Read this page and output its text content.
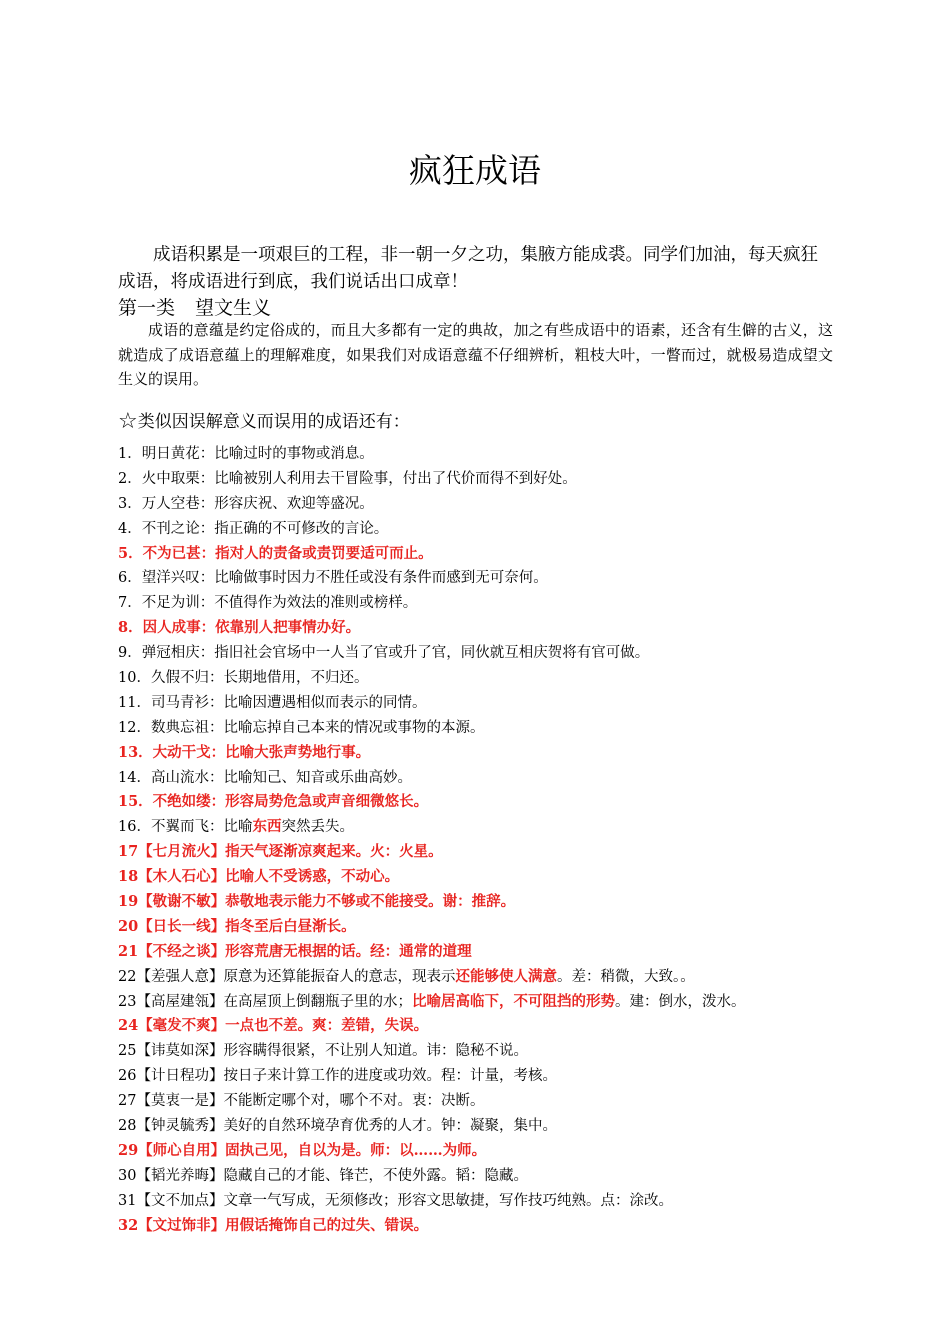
疯狂成语
成语积累是一项艰巨的工程，非一朝一夕之功，集腋方能成裘。同学们加油，每天疯狂成语，将成语进行到底，我们说话出口成章！
第一类 望文生义
成语的意蕴是约定俗成的，而且大多都有一定的典故，加之有些成语中的语素，还含有生僻的古义，这就造成了成语意蕴上的理解难度，如果我们对成语意蕴不仔细辨析，粗枝大叶，一瞥而过，就极易造成望文生义的误用。
☆类似因误解意义而误用的成语还有：
1．明日黄花：比喻过时的事物或消息。
2．火中取栗：比喻被别人利用去干冒险事，付出了代价而得不到好处。
3．万人空巷：形容庆祝、欢迎等盛况。
4．不刊之论：指正确的不可修改的言论。
5．不为已甚：指对人的责备或责罚要适可而止。
6．望洋兴叹：比喻做事时因力不胜任或没有条件而感到无可奈何。
7．不足为训：不值得作为效法的准则或榜样。
8．因人成事：依靠别人把事情办好。
9．弹冠相庆：指旧社会官场中一人当了官或升了官，同伙就互相庆贺将有官可做。
10．久假不归：长期地借用，不归还。
11．司马青衫：比喻因遭遇相似而表示的同情。
12．数典忘祖：比喻忘掉自己本来的情况或事物的本源。
13．大动干戈：比喻大张声势地行事。
14．高山流水：比喻知己、知音或乐曲高妙。
15．不绝如缕：形容局势危急或声音细微悠长。
16．不翼而飞：比喻东西突然丢失。
17【七月流火】指天气逐渐凉爽起来。火：火星。
18【木人石心】比喻人不受诱惑，不动心。
19【敬谢不敏】恭敬地表示能力不够或不能接受。谢：推辞。
20【日长一线】指冬至后白昼渐长。
21【不经之谈】形容荒唐无根据的话。经：通常的道理
22【差强人意】原意为还算能振奋人的意志，现表示还能够使人满意。差：稍微，大致。。
23【高屋建瓴】在高屋顶上倒翻瓶子里的水；比喻居高临下，不可阻挡的形势。建：倒水，泼水。
24【毫发不爽】一点也不差。爽：差错，失误。
25【讳莫如深】形容瞒得很紧，不让别人知道。讳：隐秘不说。
26【计日程功】按日子来计算工作的进度或功效。程：计量，考核。
27【莫衷一是】不能断定哪个对，哪个不对。衷：决断。
28【钟灵毓秀】美好的自然环境孕育优秀的人才。钟：凝聚，集中。
29【师心自用】固执己见，自以为是。师：以……为师。
30【韬光养晦】隐藏自己的才能、锋芒，不使外露。韬：隐藏。
31【文不加点】文章一气写成，无须修改；形容文思敏捷，写作技巧纯熟。点：涂改。
32【文过饰非】用假话掩饰自己的过失、错误。
